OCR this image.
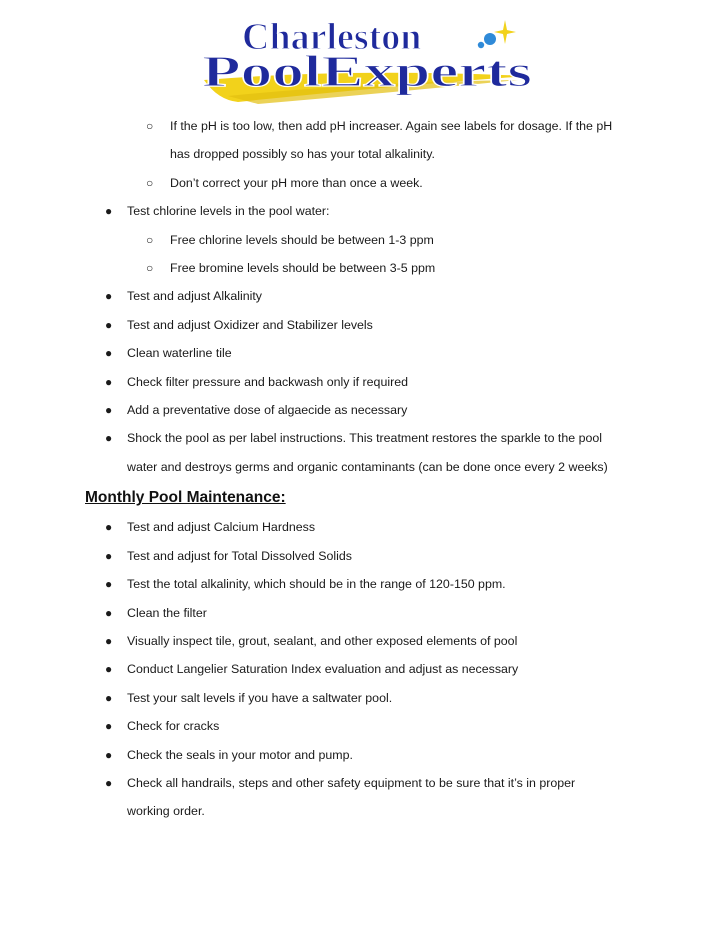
Charleston
PoolExperts
○ If the pH is too low, then add pH increaser. Again see labels for dosage. If the pH
has dropped possibly so has your total alkalinity.
○ Don’t correct your pH more than once a week.
● Test chlorine levels in the pool water:
○ Free chlorine levels should be between 1-3 ppm
○ Free bromine levels should be between 3-5 ppm
● Test and adjust Alkalinity
● Test and adjust Oxidizer and Stabilizer levels
● Clean waterline tile
● Check filter pressure and backwash only if required
● Add a preventative dose of algaecide as necessary
● Shock the pool as per label instructions. This treatment restores the sparkle to the pool
water and destroys germs and organic contaminants (can be done once every 2 weeks)
Monthly Pool Maintenance:
● Test and adjust Calcium Hardness
● Test and adjust for Total Dissolved Solids
● Test the total alkalinity, which should be in the range of 120-150 ppm.
● Clean the filter
● Visually inspect tile, grout, sealant, and other exposed elements of pool
● Conduct Langelier Saturation Index evaluation and adjust as necessary
● Test your salt levels if you have a saltwater pool.
● Check for cracks
● Check the seals in your motor and pump.
● Check all handrails, steps and other safety equipment to be sure that it’s in proper
working order.
